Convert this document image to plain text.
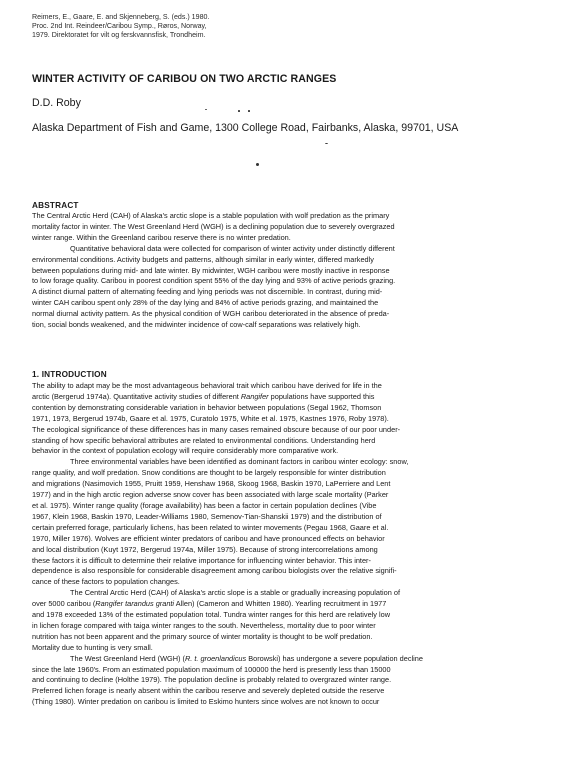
Reimers, E., Gaare, E. and Skjenneberg, S. (eds.) 1980.
Proc. 2nd Int. Reindeer/Caribou Symp., Røros, Norway,
1979. Direktoratet for vilt og ferskvannsfisk, Trondheim.
WINTER ACTIVITY OF CARIBOU ON TWO ARCTIC RANGES
D.D. Roby
Alaska Department of Fish and Game, 1300 College Road, Fairbanks, Alaska, 99701, USA
ABSTRACT

The Central Arctic Herd (CAH) of Alaska's arctic slope is a stable population with wolf predation as the primary
mortality factor in winter. The West Greenland Herd (WGH) is a declining population due to severely overgrazed
winter range. Within the Greenland caribou reserve there is no winter predation.

Quantitative behavioral data were collected for comparison of winter activity under distinctly different
environmental conditions. Activity budgets and patterns, although similar in early winter, differed markedly
between populations during mid- and late winter. By midwinter, WGH caribou were mostly inactive in response
to low forage quality. Caribou in poorest condition spent 55% of the day lying and 93% of active periods grazing.
A distinct diurnal pattern of alternating feeding and lying periods was not discernible. In contrast, during mid-
winter CAH caribou spent only 28% of the day lying and 84% of active periods grazing, and maintained the
normal diurnal activity pattern. As the physical condition of WGH caribou deteriorated in the absence of preda-
tion, social bonds weakened, and the midwinter incidence of cow-calf separations was relatively high.

1. INTRODUCTION

The ability to adapt may be the most advantageous behavioral trait which caribou have derived for life in the
arctic (Bergerud 1974a). Quantitative activity studies of different Rangifer populations have supported this
contention by demonstrating considerable variation in behavior between populations (Segal 1962, Thomson
1971, 1973, Bergerud 1974b, Gaare et al. 1975, Curatolo 1975, White et al. 1975, Kastnes 1976, Roby 1978).
The ecological significance of these differences has in many cases remained obscure because of our poor under-
standing of how specific behavioral attributes are related to environmental conditions. Understanding herd
behavior in the context of population ecology will require considerably more comparative work.

Three environmental variables have been identified as dominant factors in caribou winter ecology: snow,
range quality, and wolf predation. Snow conditions are thought to be largely responsible for winter distribution
and migrations (Nasimovich 1955, Pruitt 1959, Henshaw 1968, Skoog 1968, Baskin 1970, LaPerriere and Lent
1977) and in the high arctic region adverse snow cover has been associated with large scale mortality (Parker
et al. 1975). Winter range quality (forage availability) has been a factor in certain population declines (Vibe
1967, Klein 1968, Baskin 1970, Leader-Williams 1980, Semenov-Tian-Shanskii 1979) and the distribution of
certain preferred forage, particularly lichens, has been related to winter movements (Pegau 1968, Gaare et al.
1970, Miller 1976). Wolves are efficient winter predators of caribou and have pronounced effects on behavior
and local distribution (Kuyt 1972, Bergerud 1974a, Miller 1975). Because of strong intercorrelations among
these factors it is difficult to determine their relative importance for influencing winter behavior. This inter-
dependence is also responsible for considerable disagreement among caribou biologists over the relative signifi-
cance of these factors to population changes.

The Central Arctic Herd (CAH) of Alaska's arctic slope is a stable or gradually increasing population of
over 5000 caribou (Rangifer tarandus granti Allen) (Cameron and Whitten 1980). Yearling recruitment in 1977
and 1978 exceeded 13% of the estimated population total. Tundra winter ranges for this herd are relatively low
in lichen forage compared with taiga winter ranges to the south. Nevertheless, mortality due to poor winter
nutrition has not been apparent and the primary source of winter mortality is thought to be wolf predation.
Mortality due to hunting is very small.

The West Greenland Herd (WGH) (R. t. groenlandicus Borowski) has undergone a severe population decline
since the late 1960's. From an estimated population maximum of 100000 the herd is presently less than 15000
and continuing to decline (Holthe 1979). The population decline is probably related to overgrazed winter range.
Preferred lichen forage is nearly absent within the caribou reserve and severely depleted outside the reserve
(Thing 1980). Winter predation on caribou is limited to Eskimo hunters since wolves are not known to occur
